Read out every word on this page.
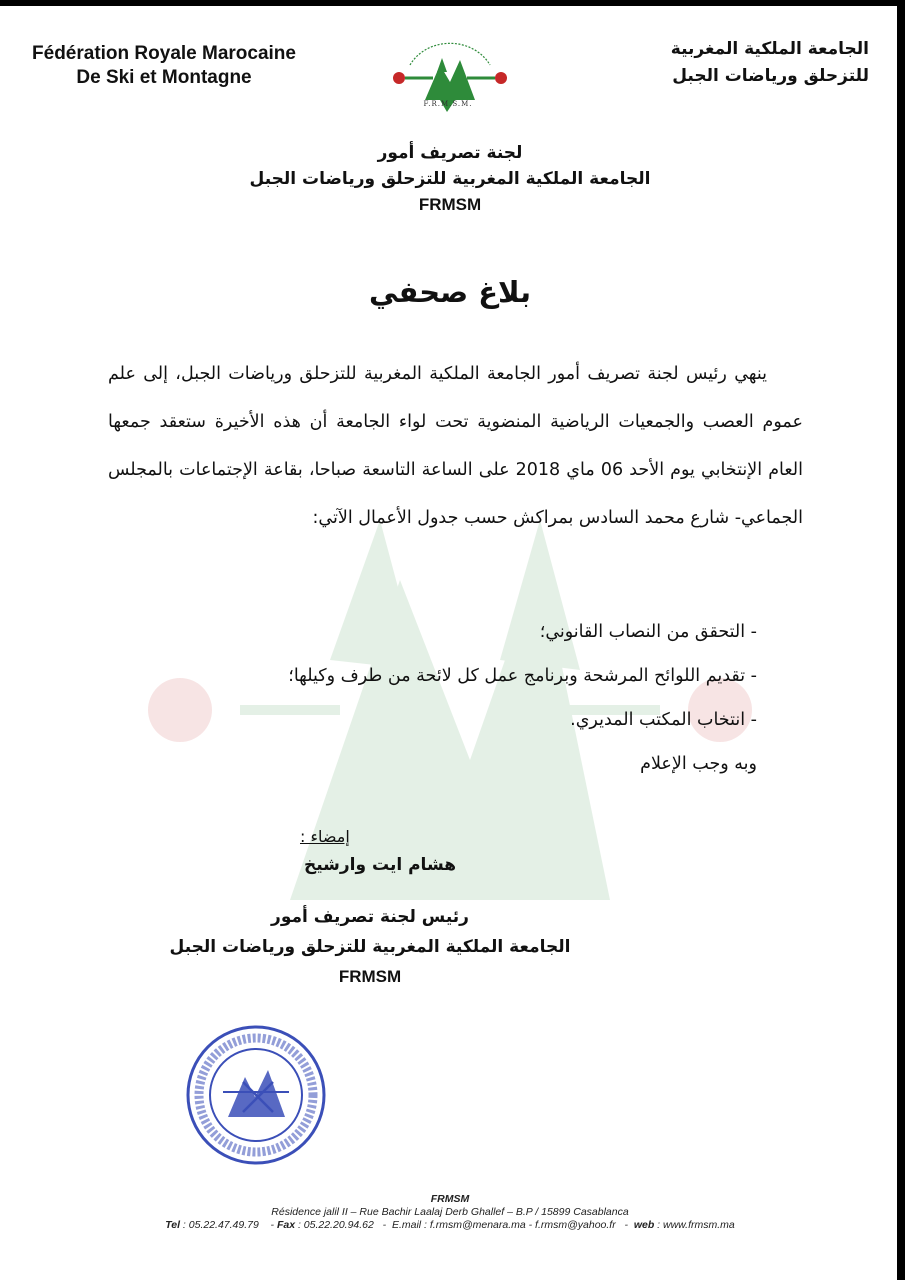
Fédération Royale Marocaine
De Ski et Montagne
F.R.M.S.M.
الجامعة الملكية المغربية
للتزحلق ورياضات الجبل
لجنة تصريف أمور
الجامعة الملكية المغربية للتزحلق ورياضات الجبل
FRMSM
بلاغ صحفي
ينهي رئيس لجنة تصريف أمور الجامعة الملكية المغربية للتزحلق ورياضات الجبل، إلى علم عموم العصب والجمعيات الرياضية المنضوية تحت لواء الجامعة أن هذه الأخيرة ستعقد جمعها العام الإنتخابي يوم الأحد 06 ماي 2018 على الساعة التاسعة صباحا، بقاعة الإجتماعات بالمجلس الجماعي- شارع محمد السادس بمراكش حسب جدول الأعمال الآتي:
- التحقق من النصاب القانوني؛
- تقديم اللوائح المرشحة وبرنامج عمل كل لائحة من طرف وكيلها؛
- انتخاب المكتب المديري.
وبه وجب الإعلام
إمضاء :
هشام ايت وارشيخ
رئيس لجنة تصريف أمور
الجامعة الملكية المغربية للتزحلق ورياضات الجبل
FRMSM
FRMSM
Résidence jalil II – Rue Bachir Laalaj Derb Ghallef – B.P / 15899 Casablanca
Tel : 05.22.47.49.79    - Fax : 05.22.20.94.62   -  E.mail : f.rmsm@menara.ma - f.rmsm@yahoo.fr   -  web : www.frmsm.ma
